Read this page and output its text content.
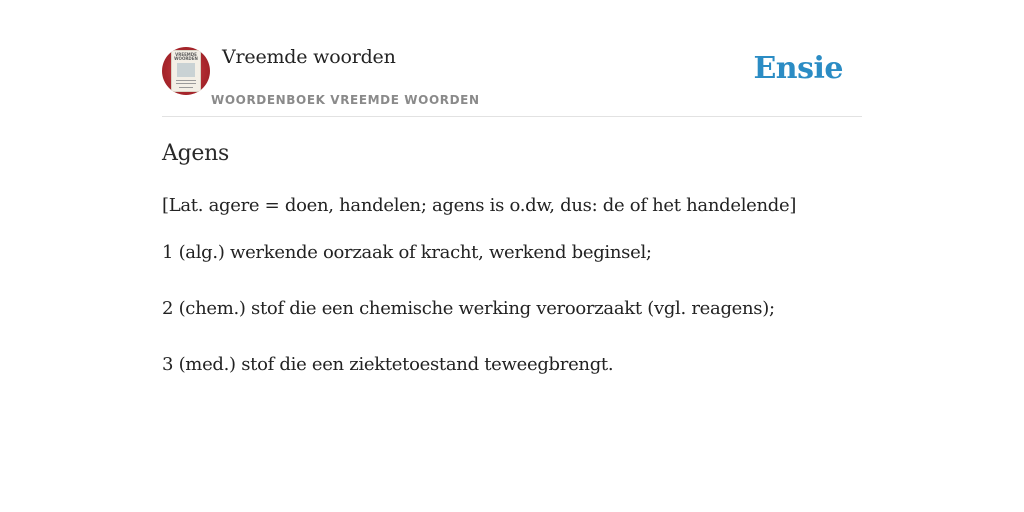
VREEMDE
WOORDEN Vreemde woorden
WOORDENBOEK VREEMDE WOORDEN
Ensie
Agens
[Lat. agere = doen, handelen; agens is o.dw, dus: de of het handelende]
1 (alg.) werkende oorzaak of kracht, werkend beginsel;
2 (chem.) stof die een chemische werking veroorzaakt (vgl. reagens);
3 (med.) stof die een ziektetoestand teweegbrengt.
